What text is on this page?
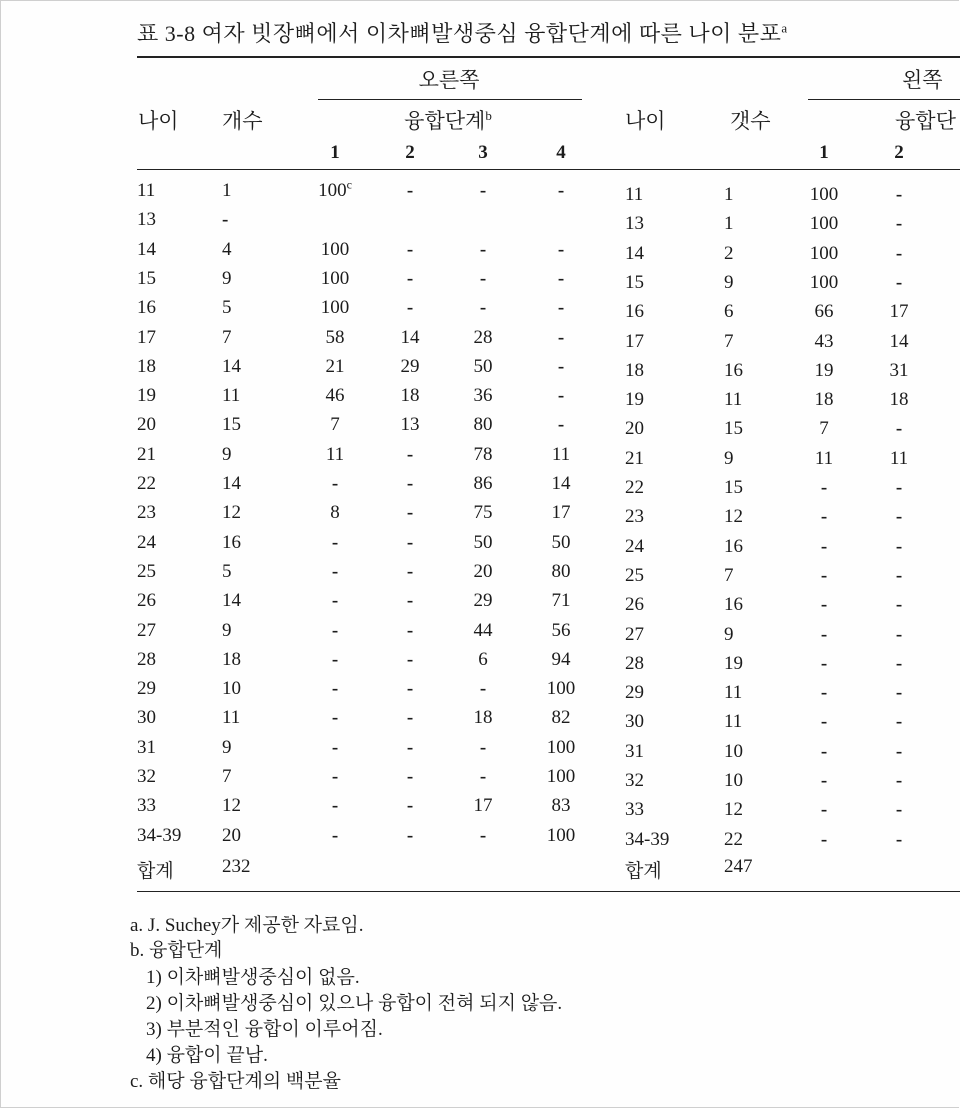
표 3-8 여자 빗장뼈에서 이차뼈발생중심 융합단계에 따른 나이 분포$^a$
오른쪽
나이 개수	융합단계$^b$
1	2	3	4
왼쪽
나이	갯수	융합단
1	2
11	1	100$^c$	-	-	-
13	-
14	4	100	-	-	-
15	9	100	-	-	-
16	5	100	-	-	-
17	7	58	14	28	-
18	14	21	29	50	-
19	11	46	18	36	-
20	15	7	13	80	-
21	9	11	-	78	11
22	14	-	-	86	14
23	12	8	-	75	17
24	16	-	-	50	50
25	5	-	-	20	80
26	14	-	-	29	71
27	9	-	-	44	56
28	18	-	-	6	94
29	10	-	-	-	100
30	11	-	-	18	82
31	9	-	-	-	100
32	7	-	-	-	100
33	12	-	-	17	83
34-39 20	-	-	-	100
합계	232
11	1	100	-
13	1	100	-
14	2	100	-
15	9	100	-
16	6	66	17
17	7	43	14
18	16	19	31
19	11	18	18
20	15	7	-
21	9	11	11
22	15	-	-
23	12	-	-
24	16	-	-
25	7	-	-
26	16	-	-
27	9	-	-
28	19	-	-
29	11	-	-
30	11	-	-
31	10	-	-
32	10	-	-
33	12	-	-
34-39	22	-	-
합계	247
a. J. Suchey가 제공한 자료임.
b. 융합단계
1) 이차뼈발생중심이 없음.
2) 이차뼈발생중심이 있으나 융합이 전혀 되지 않음.
3) 부분적인 융합이 이루어짐.
4) 융합이 끝남.
c. 해당 융합단계의 백분율
